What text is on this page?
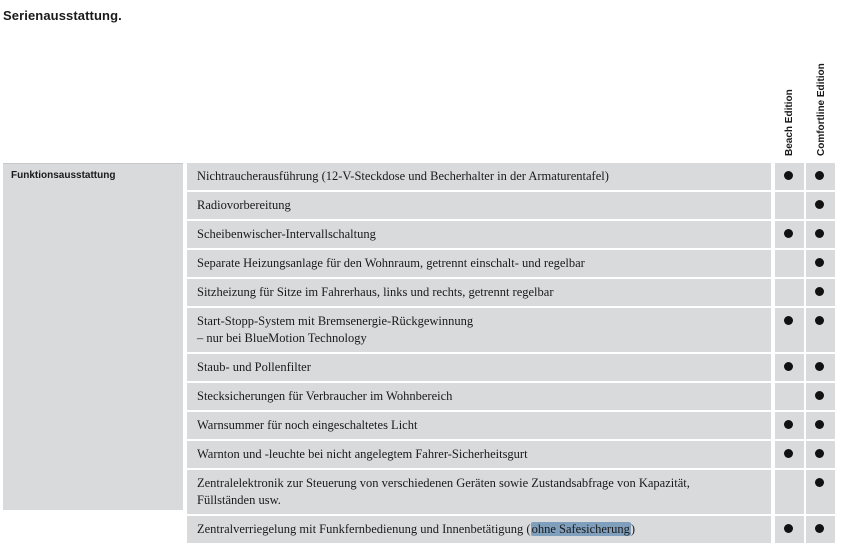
Serienausstattung.
Beach Edition Comfortline Edition
Funktionsausstattung	Nichtraucherausführung (12-V-Steckdose und Becherhalter in der Armaturentafel)
Radiovorbereitung
Scheibenwischer-Intervallschaltung
Separate Heizungsanlage für den Wohnraum, getrennt einschalt- und regelbar
Sitzheizung für Sitze im Fahrerhaus, links und rechts, getrennt regelbar
Start-Stopp-System mit Bremsenergie-Rückgewinnung
– nur bei BlueMotion Technology
Staub- und Pollenfilter
Stecksicherungen für Verbraucher im Wohnbereich
Warnsummer für noch eingeschaltetes Licht
Warnton und -leuchte bei nicht angelegtem Fahrer-Sicherheitsgurt
Zentralelektronik zur Steuerung von verschiedenen Geräten sowie Zustandsabfrage von Kapazität,
Füllständen usw.
Zentralverriegelung mit Funkfernbedienung und Innenbetätigung (ohne Safesicherung)
